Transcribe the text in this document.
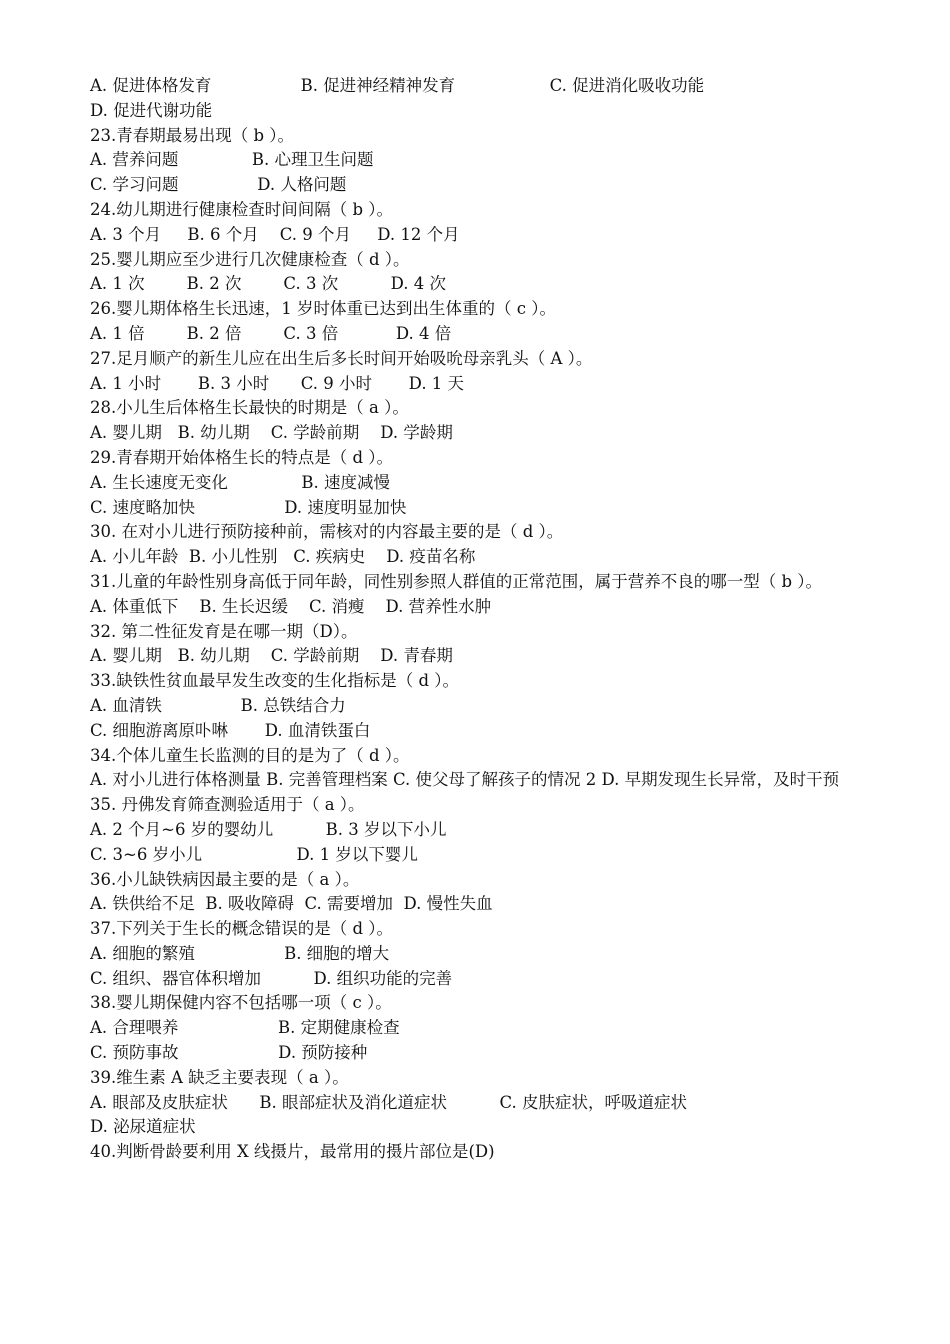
A. 促进体格发育                 B. 促进神经精神发育                  C. 促进消化吸收功能
D. 促进代谢功能
23.青春期最易出现（ b ）。
A. 营养问题              B. 心理卫生问题
C. 学习问题               D. 人格问题
24.幼儿期进行健康检查时间间隔（ b ）。
A. 3 个月     B. 6 个月    C. 9 个月     D. 12 个月
25.婴儿期应至少进行几次健康检查（ d ）。
A. 1 次        B. 2 次        C. 3 次          D. 4 次
26.婴儿期体格生长迅速，1 岁时体重已达到出生体重的（ c ）。
A. 1 倍        B. 2 倍        C. 3 倍           D. 4 倍
27.足月顺产的新生儿应在出生后多长时间开始吸吮母亲乳头（ A ）。
A. 1 小时       B. 3 小时      C. 9 小时       D. 1 天
28.小儿生后体格生长最快的时期是（ a ）。
A. 婴儿期   B. 幼儿期    C. 学龄前期    D. 学龄期
29.青春期开始体格生长的特点是（ d ）。
A. 生长速度无变化              B. 速度减慢
C. 速度略加快                 D. 速度明显加快
30. 在对小儿进行预防接种前，需核对的内容最主要的是（ d ）。
A. 小儿年龄  B. 小儿性别   C. 疾病史    D. 疫苗名称
31.儿童的年龄性别身高低于同年龄，同性别参照人群值的正常范围，属于营养不良的哪一型（ b ）。
A. 体重低下    B. 生长迟缓    C. 消瘦    D. 营养性水肿
32. 第二性征发育是在哪一期（D）。
A. 婴儿期   B. 幼儿期    C. 学龄前期    D. 青春期
33.缺铁性贫血最早发生改变的生化指标是（ d ）。
A. 血清铁               B. 总铁结合力
C. 细胞游离原卟啉       D. 血清铁蛋白
34.个体儿童生长监测的目的是为了（ d ）。
A. 对小儿进行体格测量 B. 完善管理档案 C. 使父母了解孩子的情况 2 D. 早期发现生长异常，及时干预
35. 丹佛发育筛查测验适用于（ a ）。
A. 2 个月~6 岁的婴幼儿          B. 3 岁以下小儿
C. 3~6 岁小儿                  D. 1 岁以下婴儿
36.小儿缺铁病因最主要的是（ a ）。
A. 铁供给不足  B. 吸收障碍  C. 需要增加  D. 慢性失血
37.下列关于生长的概念错误的是（ d ）。
A. 细胞的繁殖                 B. 细胞的增大
C. 组织、器官体积增加          D. 组织功能的完善
38.婴儿期保健内容不包括哪一项（ c ）。
A. 合理喂养                   B. 定期健康检查
C. 预防事故                   D. 预防接种
39.维生素 A 缺乏主要表现（ a ）。
A. 眼部及皮肤症状      B. 眼部症状及消化道症状          C. 皮肤症状，呼吸道症状
D. 泌尿道症状
40.判断骨龄要利用 X 线摄片，最常用的摄片部位是(D)
